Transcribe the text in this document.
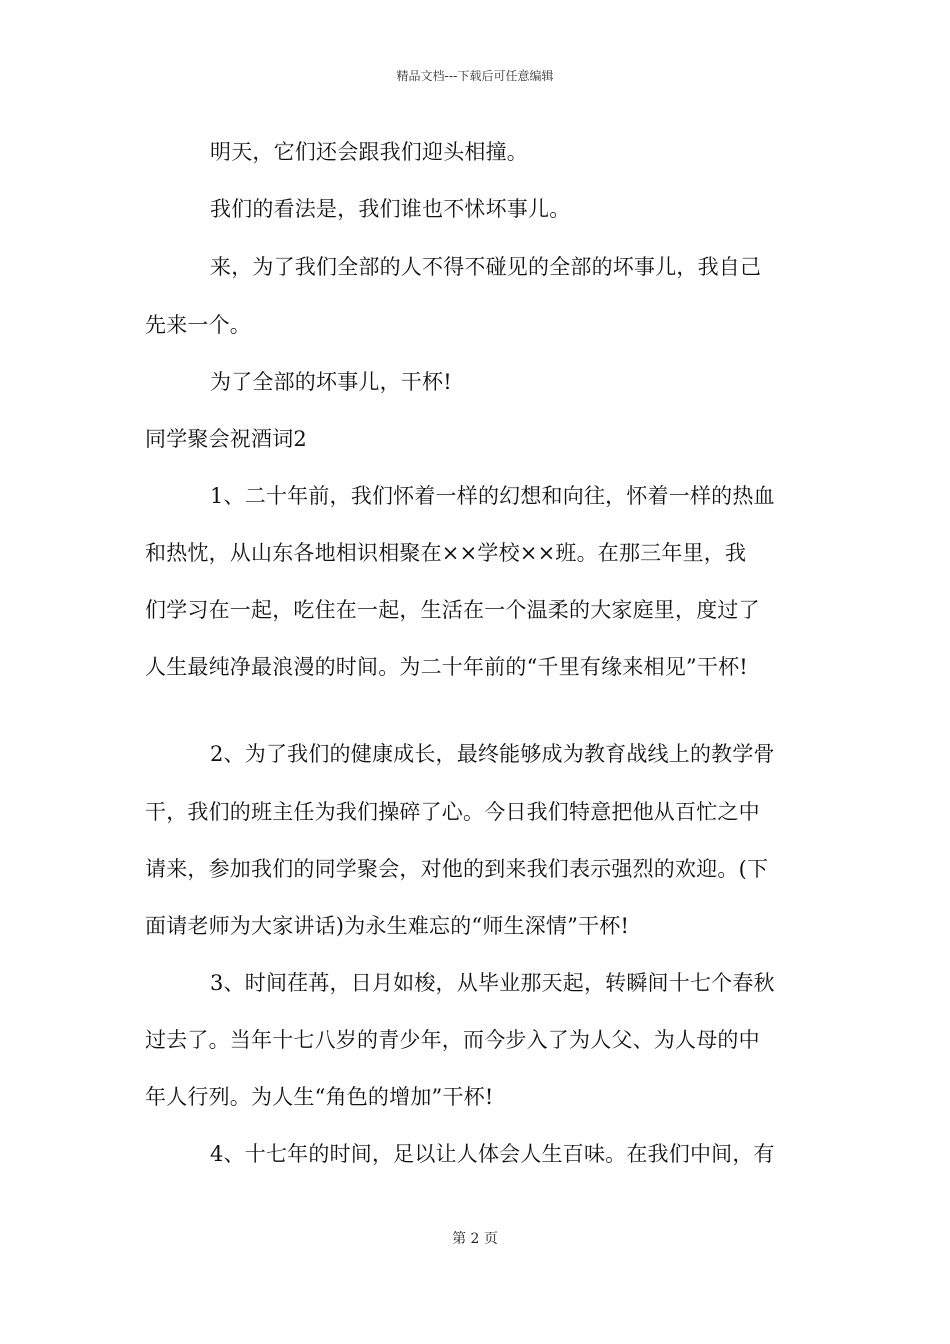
精品文档---下载后可任意编辑
明天，它们还会跟我们迎头相撞。
我们的看法是，我们谁也不怵坏事儿。
来，为了我们全部的人不得不碰见的全部的坏事儿，我自己
先来一个。
为了全部的坏事儿，干杯!
同学聚会祝酒词2
1、二十年前，我们怀着一样的幻想和向往，怀着一样的热血
和热忱，从山东各地相识相聚在××学校××班。在那三年里，我
们学习在一起，吃住在一起，生活在一个温柔的大家庭里，度过了
人生最纯净最浪漫的时间。为二十年前的“千里有缘来相见”干杯!
2、为了我们的健康成长，最终能够成为教育战线上的教学骨
干，我们的班主任为我们操碎了心。今日我们特意把他从百忙之中
请来，参加我们的同学聚会，对他的到来我们表示强烈的欢迎。(下
面请老师为大家讲话)为永生难忘的“师生深情”干杯!
3、时间荏苒，日月如梭，从毕业那天起，转瞬间十七个春秋
过去了。当年十七八岁的青少年，而今步入了为人父、为人母的中
年人行列。为人生“角色的增加”干杯!
4、十七年的时间，足以让人体会人生百味。在我们中间，有
第 2 页
